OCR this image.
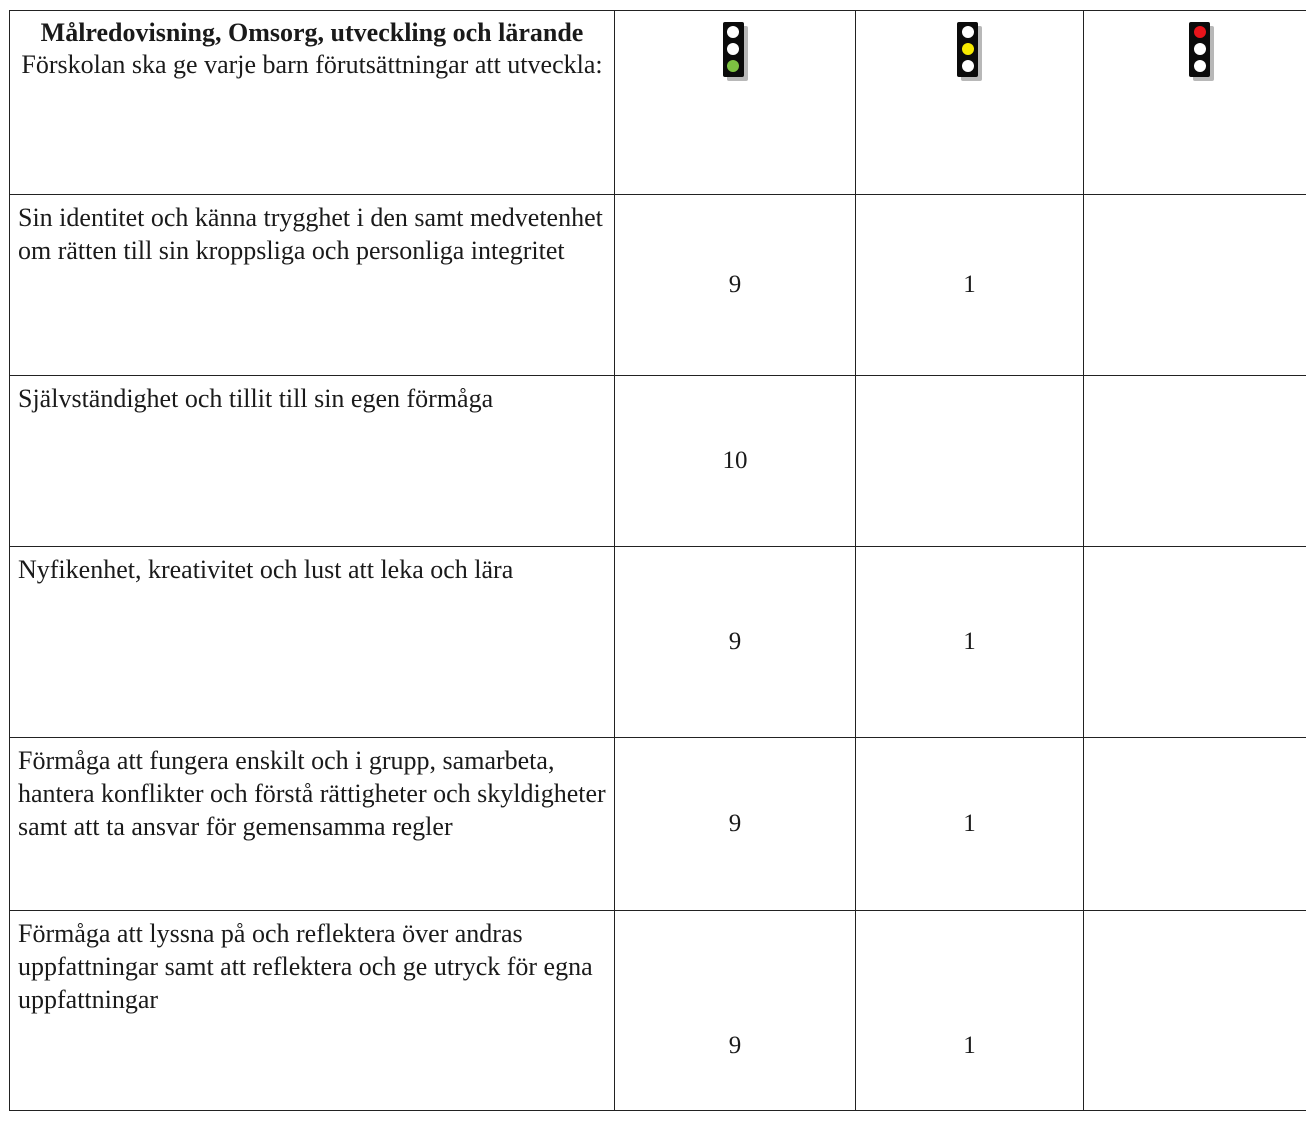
Målredovisning, Omsorg, utveckling och lärande
Förskolan ska ge varje barn förutsättningar att utveckla:			

Sin identitet och känna trygghet i den samt medvetenhet om rätten till sin kroppsliga och personliga integritet	9	1	
Självständighet och tillit till sin egen förmåga	10		
Nyfikenhet, kreativitet och lust att leka och lära	9	1	
Förmåga att fungera enskilt och i grupp, samarbeta, hantera konflikter och förstå rättigheter och skyldigheter samt att ta ansvar för gemensamma regler	9	1	
Förmåga att lyssna på och reflektera över andras uppfattningar samt att reflektera och ge utryck för egna uppfattningar	9	1	
